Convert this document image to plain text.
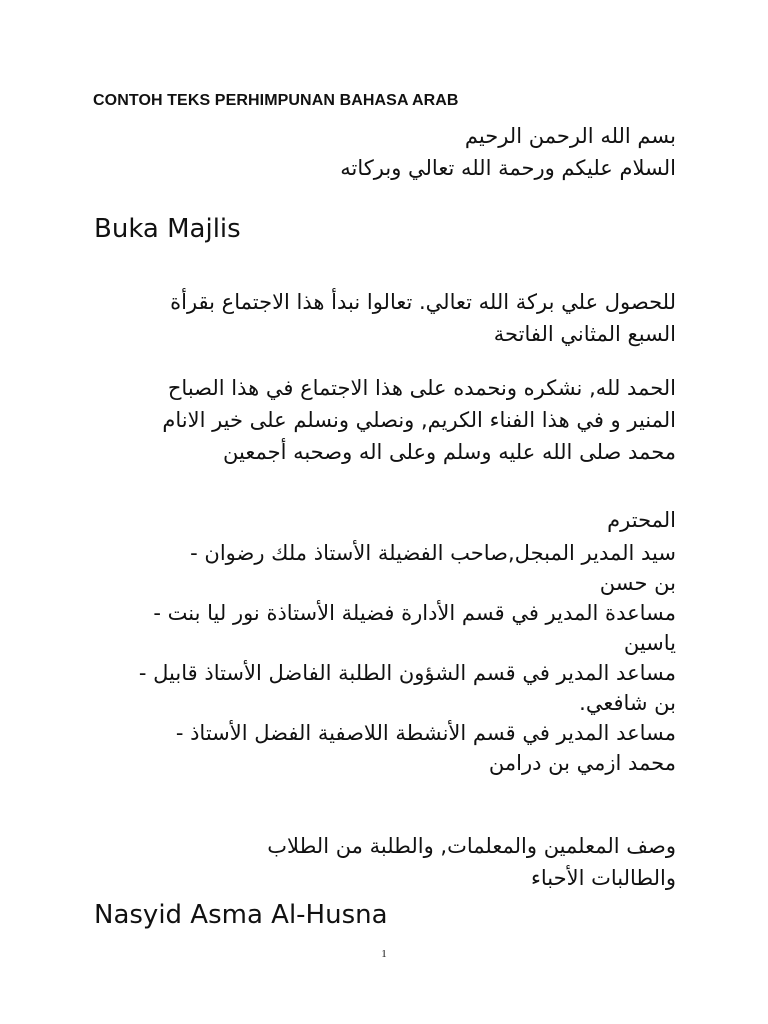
CONTOH TEKS PERHIMPUNAN BAHASA ARAB
بسم الله الرحمن الرحيم
السلام عليكم ورحمة الله تعالي وبركاته
Buka Majlis
للحصول علي بركة الله تعالي. تعالوا نبدأ هذا الاجتماع بقرأة
السبع المثاني الفاتحة
الحمد لله, نشكره ونحمده على هذا الاجتماع في هذا الصباح
المنير و في هذا الفناء الكريم, ونصلي ونسلم على خير الانام
محمد صلى الله عليه وسلم وعلى اله وصحبه أجمعين
المحترم
سيد المدير المبجل,صاحب الفضيلة الأستاذ ملك رضوان -
بن حسن
مساعدة المدير في قسم الأدارة فضيلة الأستاذة نور ليا بنت -
ياسين
مساعد المدير في قسم الشؤون الطلبة الفاضل الأستاذ قابيل -
بن شافعي.
مساعد المدير في قسم الأنشطة اللاصفية الفضل الأستاذ -
محمد ازمي بن درامن
وصف المعلمين والمعلمات, والطلبة من الطلاب
والطالبات الأحباء
Nasyid Asma Al-Husna
1
